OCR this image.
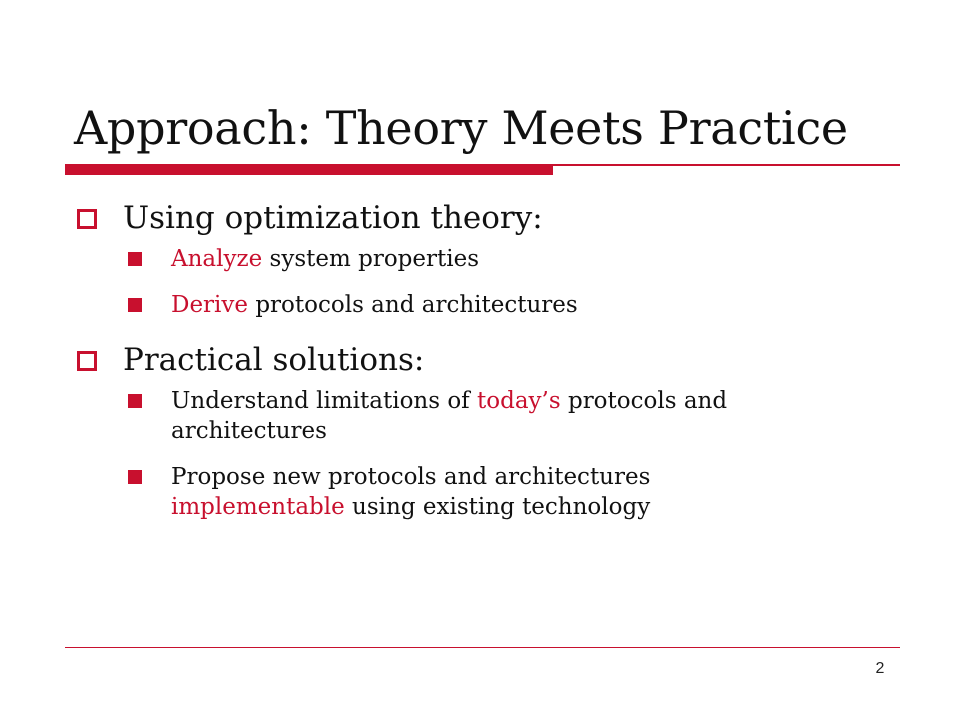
Approach: Theory Meets Practice

Using optimization theory:

Analyze system properties
Derive protocols and architectures

Practical solutions:

Understand limitations of today’s protocols and architectures
Propose new protocols and architectures implementable using existing technology
2
